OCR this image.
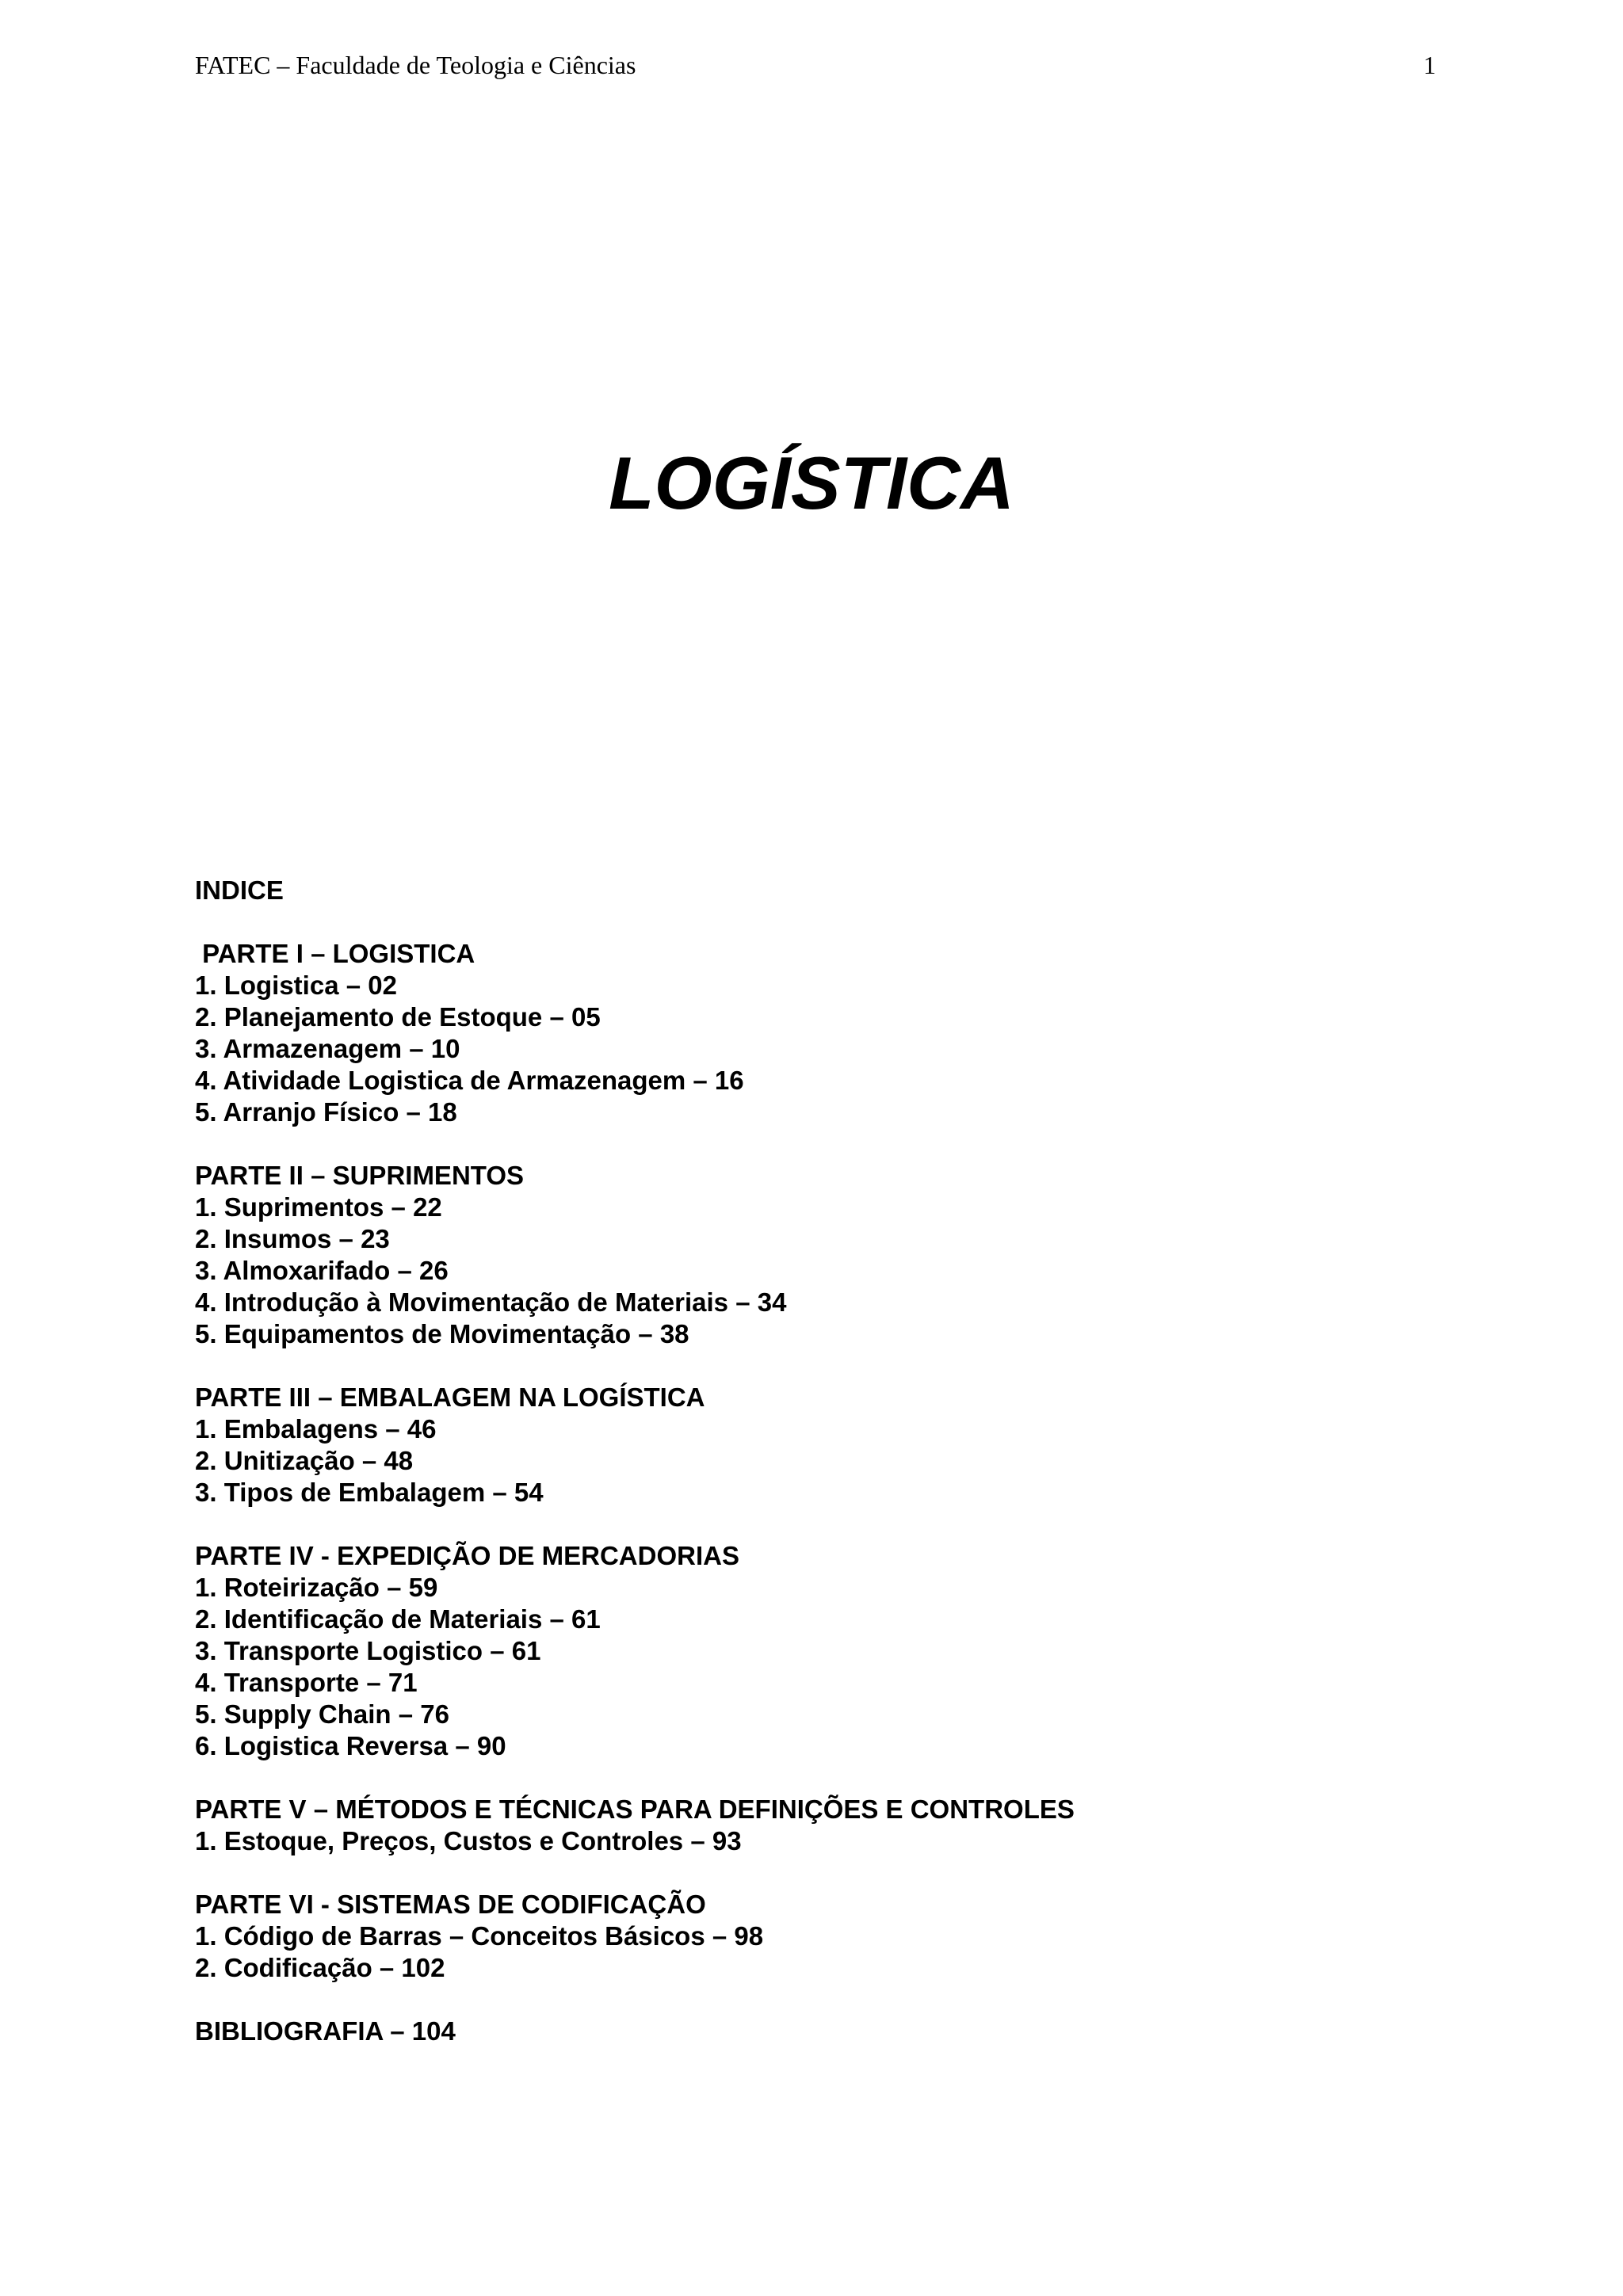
FATEC – Faculdade de Teologia e Ciências	1
LOGÍSTICA
INDICE
PARTE I – LOGISTICA
1. Logistica – 02
2. Planejamento de Estoque – 05
3. Armazenagem – 10
4. Atividade Logistica de Armazenagem – 16
5. Arranjo Físico – 18
PARTE II – SUPRIMENTOS
1. Suprimentos – 22
2. Insumos – 23
3. Almoxarifado – 26
4. Introdução à Movimentação de Materiais – 34
5. Equipamentos de Movimentação – 38
PARTE III – EMBALAGEM NA LOGÍSTICA
1. Embalagens – 46
2. Unitização – 48
3. Tipos de Embalagem – 54
PARTE IV - EXPEDIÇÃO DE MERCADORIAS
1. Roteirização – 59
2. Identificação de Materiais – 61
3. Transporte Logistico – 61
4. Transporte – 71
5. Supply Chain – 76
6. Logistica Reversa – 90
PARTE V – MÉTODOS E TÉCNICAS PARA DEFINIÇÕES E CONTROLES
1. Estoque, Preços, Custos e Controles – 93
PARTE VI - SISTEMAS DE CODIFICAÇÃO
1. Código de Barras – Conceitos Básicos – 98
2. Codificação – 102
BIBLIOGRAFIA – 104
